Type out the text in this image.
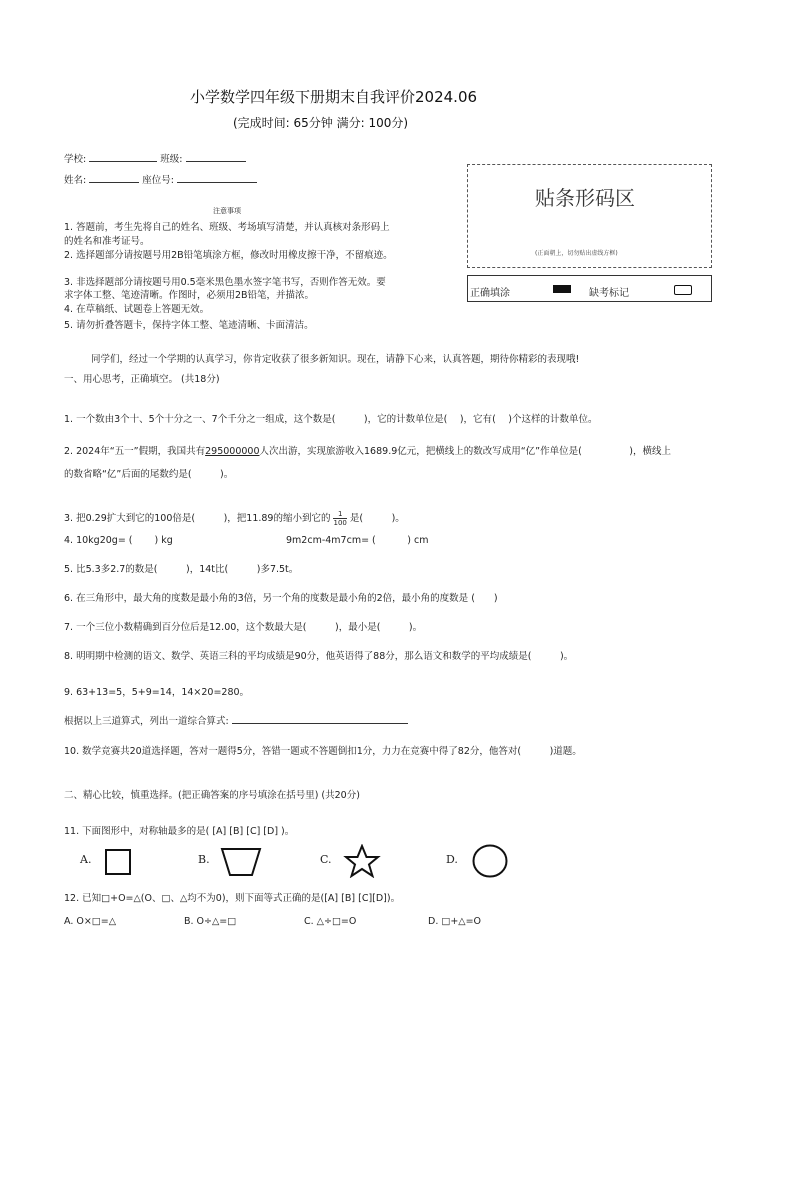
小学数学四年级下册期末自我评价2024.06
(完成时间: 65分钟 满分: 100分)
学校:	班级:
姓名:	座位号:
注意事项
1. 答题前，考生先将自己的姓名、班级、考场填写清楚，并认真核对条形码上
的姓名和准考证号。
2. 选择题部分请按题号用2B铅笔填涂方框，修改时用橡皮擦干净，不留痕迹。
3. 非选择题部分请按题号用0.5毫米黑色墨水签字笔书写，否则作答无效。要
求字体工整、笔迹清晰。作图时，必须用2B铅笔，并描浓。
4. 在草稿纸、试题卷上答题无效。
5. 请勿折叠答题卡，保持字体工整、笔迹清晰、卡面清洁。
贴条形码区
(正面朝上，切勿贴出虚线方框)
正确填涂	缺考标记
同学们，经过一个学期的认真学习，你肯定收获了很多新知识。现在，请静下心来，认真答题，期待你精彩的表现哦!
一、用心思考，正确填空。 (共18分)
1. 一个数由3个十、5个十分之一、7个千分之一组成，这个数是(　　　)，它的计数单位是(　 )，它有(　 )个这样的计数单位。
2. 2024年“五一”假期，我国共有295000000人次出游，实现旅游收入1689.9亿元，把横线上的数改写成用“亿”作单位是(　　　　　)，横线上
的数省略“亿”后面的尾数约是(　　　)。
3. 把0.29扩大到它的100倍是(　　　)，把11.89的缩小到它的 $\frac{1}{100}$ 是(　　　)。
4. 10kg20g= (　　 ) kg	9m2cm-4m7cm= (　　　 ) cm
5. 比5.3多2.7的数是(　　　)，14t比(　　　)多7.5t。
6. 在三角形中，最大角的度数是最小角的3倍，另一个角的度数是最小角的2倍，最小角的度数是 (　　)
7. 一个三位小数精确到百分位后是12.00，这个数最大是(　　　)，最小是(　　　)。
8. 明明期中检测的语文、数学、英语三科的平均成绩是90分，他英语得了88分，那么语文和数学的平均成绩是(　　　)。
9. 63+13=5，5+9=14，14×20=280。
根据以上三道算式，列出一道综合算式:
10. 数学竞赛共20道选择题，答对一题得5分，答错一题或不答题倒扣1分，力力在竞赛中得了82分，他答对(　　　)道题。
二、精心比较，慎重选择。(把正确答案的序号填涂在括号里) (共20分)
11. 下面图形中，对称轴最多的是( [A] [B] [C] [D] )。
A.	B.	C.	D.
12. 已知□+O=△(O、□、△均不为0)，则下面等式正确的是([A] [B] [C][D])。
A. O×□=△	B. O÷△=□	C. △÷□=O	D. □+△=O
